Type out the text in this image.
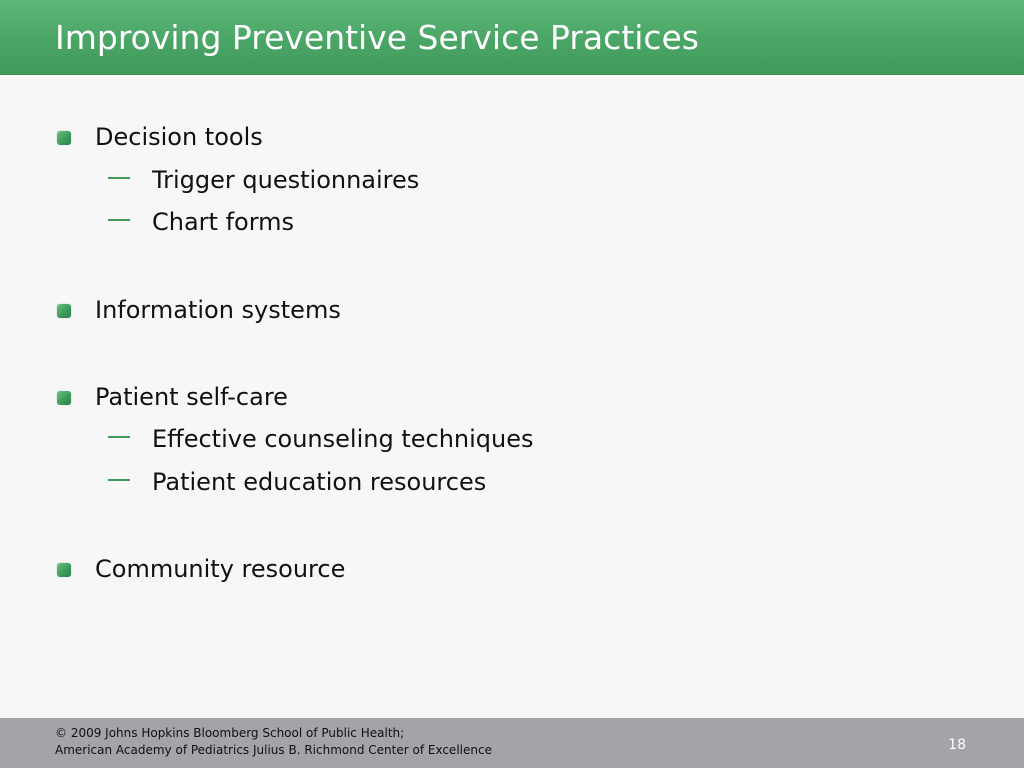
Improving Preventive Service Practices
Decision tools
Trigger questionnaires
Chart forms
Information systems
Patient self-care
Effective counseling techniques
Patient education resources
Community resource
© 2009 Johns Hopkins Bloomberg School of Public Health;
American Academy of Pediatrics Julius B. Richmond Center of Excellence	18
